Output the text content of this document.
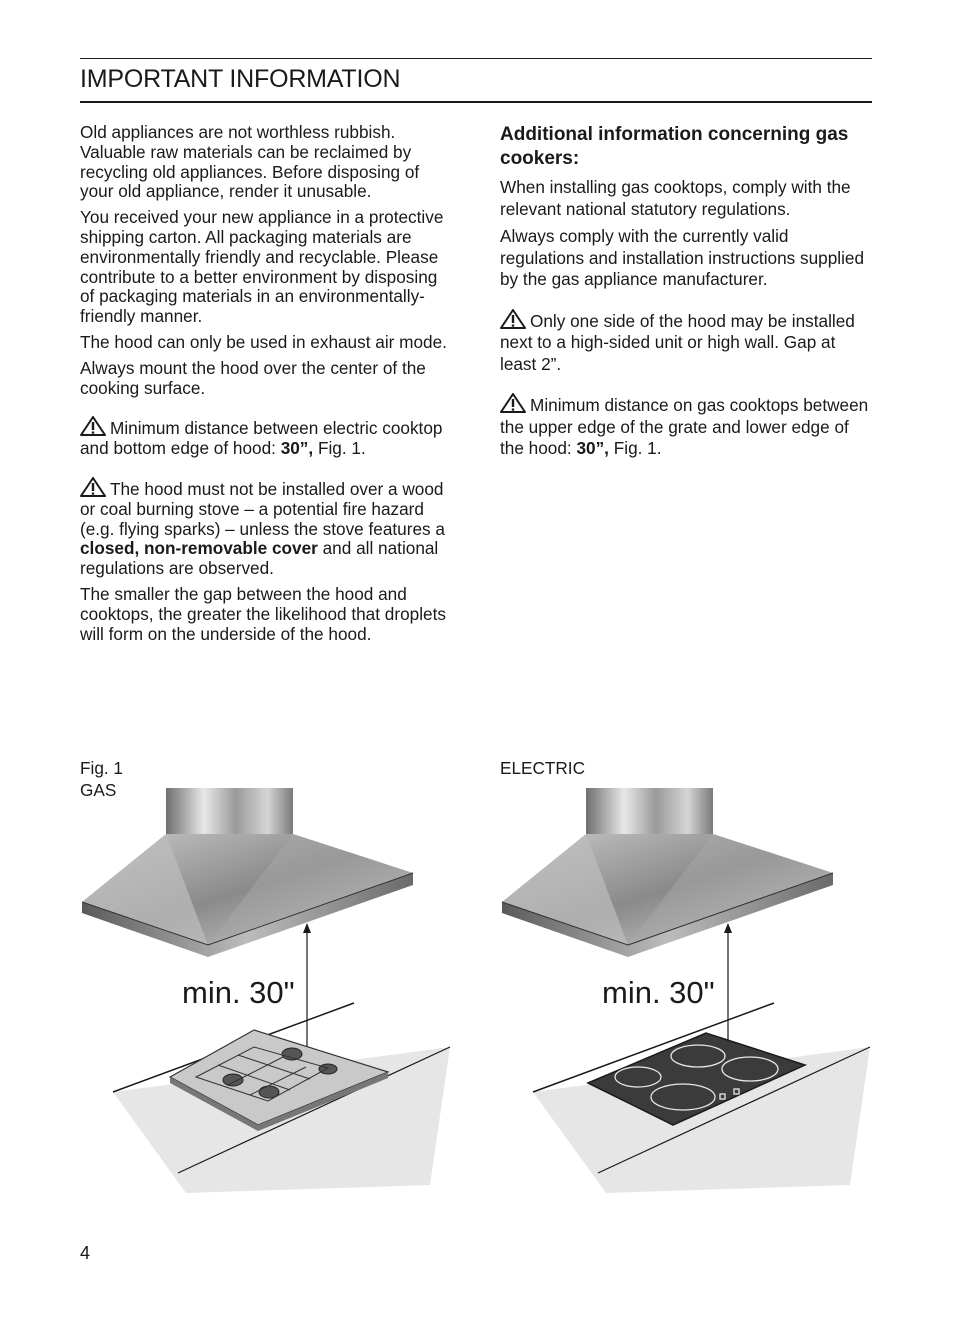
IMPORTANT INFORMATION

Old appliances are not worthless rubbish. Valuable raw materials can be reclaimed by recycling old appliances. Before disposing of your old appliance, render it unusable.

You received your new appliance in a protective shipping carton. All packaging materials are environmentally friendly and recyclable. Please contribute to a better environment by disposing of packaging materials in an environmentally-friendly manner.

The hood can only be used in exhaust air mode.

Always mount the hood over the center of the cooking surface.

Minimum distance between electric cooktop and bottom edge of hood: 30”, Fig. 1.

The hood must not be installed over a wood or coal burning stove – a potential fire hazard (e.g. flying sparks) – unless the stove features a closed, non-removable cover and all national regulations are observed.

The smaller the gap between the hood and cooktops, the greater the likelihood that droplets will form on the underside of the hood.

Additional information concerning gas cookers:

When installing gas cooktops, comply with the relevant national statutory regulations.

Always comply with the currently valid regulations and installation instructions supplied by the gas appliance manufacturer.

Only one side of the hood may be installed next to a high-sided unit or high wall. Gap at least 2”.

Minimum distance on gas cooktops between the upper edge of the grate and lower edge of the hood: 30”, Fig. 1.

Fig. 1
GAS
ELECTRIC
min. 30"	min. 30"
4
